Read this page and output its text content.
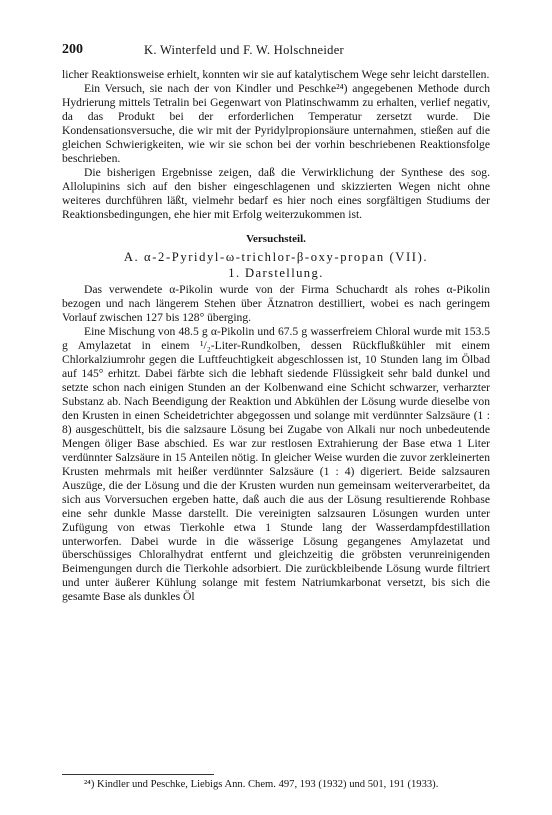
200	K. Winterfeld und F. W. Holschneider

licher Reaktionsweise erhielt, konnten wir sie auf katalytischem Wege sehr leicht darstellen.

Ein Versuch, sie nach der von Kindler und Peschke²⁴) angegebenen Methode durch Hydrierung mittels Tetralin bei Gegenwart von Platinschwamm zu erhalten, verlief negativ, da das Produkt bei der erforderlichen Temperatur zersetzt wurde. Die Kondensationsversuche, die wir mit der Pyridylpropionsäure unternahmen, stießen auf die gleichen Schwierigkeiten, wie wir sie schon bei der vorhin beschriebenen Reaktionsfolge beschrieben.

Die bisherigen Ergebnisse zeigen, daß die Verwirklichung der Synthese des sog. Allolupinins sich auf den bisher eingeschlagenen und skizzierten Wegen nicht ohne weiteres durchführen läßt, vielmehr bedarf es hier noch eines sorgfältigen Studiums der Reaktionsbedingungen, ehe hier mit Erfolg weiterzukommen ist.

Versuchsteil.

A. α-2-Pyridyl-ω-trichlor-β-oxy-propan (VII).

1. Darstellung.

Das verwendete α-Pikolin wurde von der Firma Schuchardt als rohes α-Pikolin bezogen und nach längerem Stehen über Ätznatron destilliert, wobei es nach geringem Vorlauf zwischen 127 bis 128° überging.

Eine Mischung von 48.5 g α-Pikolin und 67.5 g wasserfreiem Chloral wurde mit 153.5 g Amylazetat in einem ¹/₂-Liter-Rundkolben, dessen Rückflußkühler mit einem Chlorkalziumrohr gegen die Luftfeuchtigkeit abgeschlossen ist, 10 Stunden lang im Ölbad auf 145° erhitzt. Dabei färbte sich die lebhaft siedende Flüssigkeit sehr bald dunkel und setzte schon nach einigen Stunden an der Kolbenwand eine Schicht schwarzer, verharzter Substanz ab. Nach Beendigung der Reaktion und Abkühlen der Lösung wurde dieselbe von den Krusten in einen Scheidetrichter abgegossen und solange mit verdünnter Salzsäure (1 : 8) ausgeschüttelt, bis die salzsaure Lösung bei Zugabe von Alkali nur noch unbedeutende Mengen öliger Base abschied. Es war zur restlosen Extrahierung der Base etwa 1 Liter verdünnter Salzsäure in 15 Anteilen nötig. In gleicher Weise wurden die zuvor zerkleinerten Krusten mehrmals mit heißer verdünnter Salzsäure (1 : 4) digeriert. Beide salzsauren Auszüge, die der Lösung und die der Krusten wurden nun gemeinsam weiterverarbeitet, da sich aus Vorversuchen ergeben hatte, daß auch die aus der Lösung resultierende Rohbase eine sehr dunkle Masse darstellt. Die vereinigten salzsauren Lösungen wurden unter Zufügung von etwas Tierkohle etwa 1 Stunde lang der Wasserdampfdestillation unterworfen. Dabei wurde in die wässerige Lösung gegangenes Amylazetat und überschüssiges Chloralhydrat entfernt und gleichzeitig die gröbsten verunreinigenden Beimengungen durch die Tierkohle adsorbiert. Die zurückbleibende Lösung wurde filtriert und unter äußerer Kühlung solange mit festem Natriumkarbonat versetzt, bis sich die gesamte Base als dunkles Öl

²⁴) Kindler und Peschke, Liebigs Ann. Chem. 497, 193 (1932) und 501, 191 (1933).
